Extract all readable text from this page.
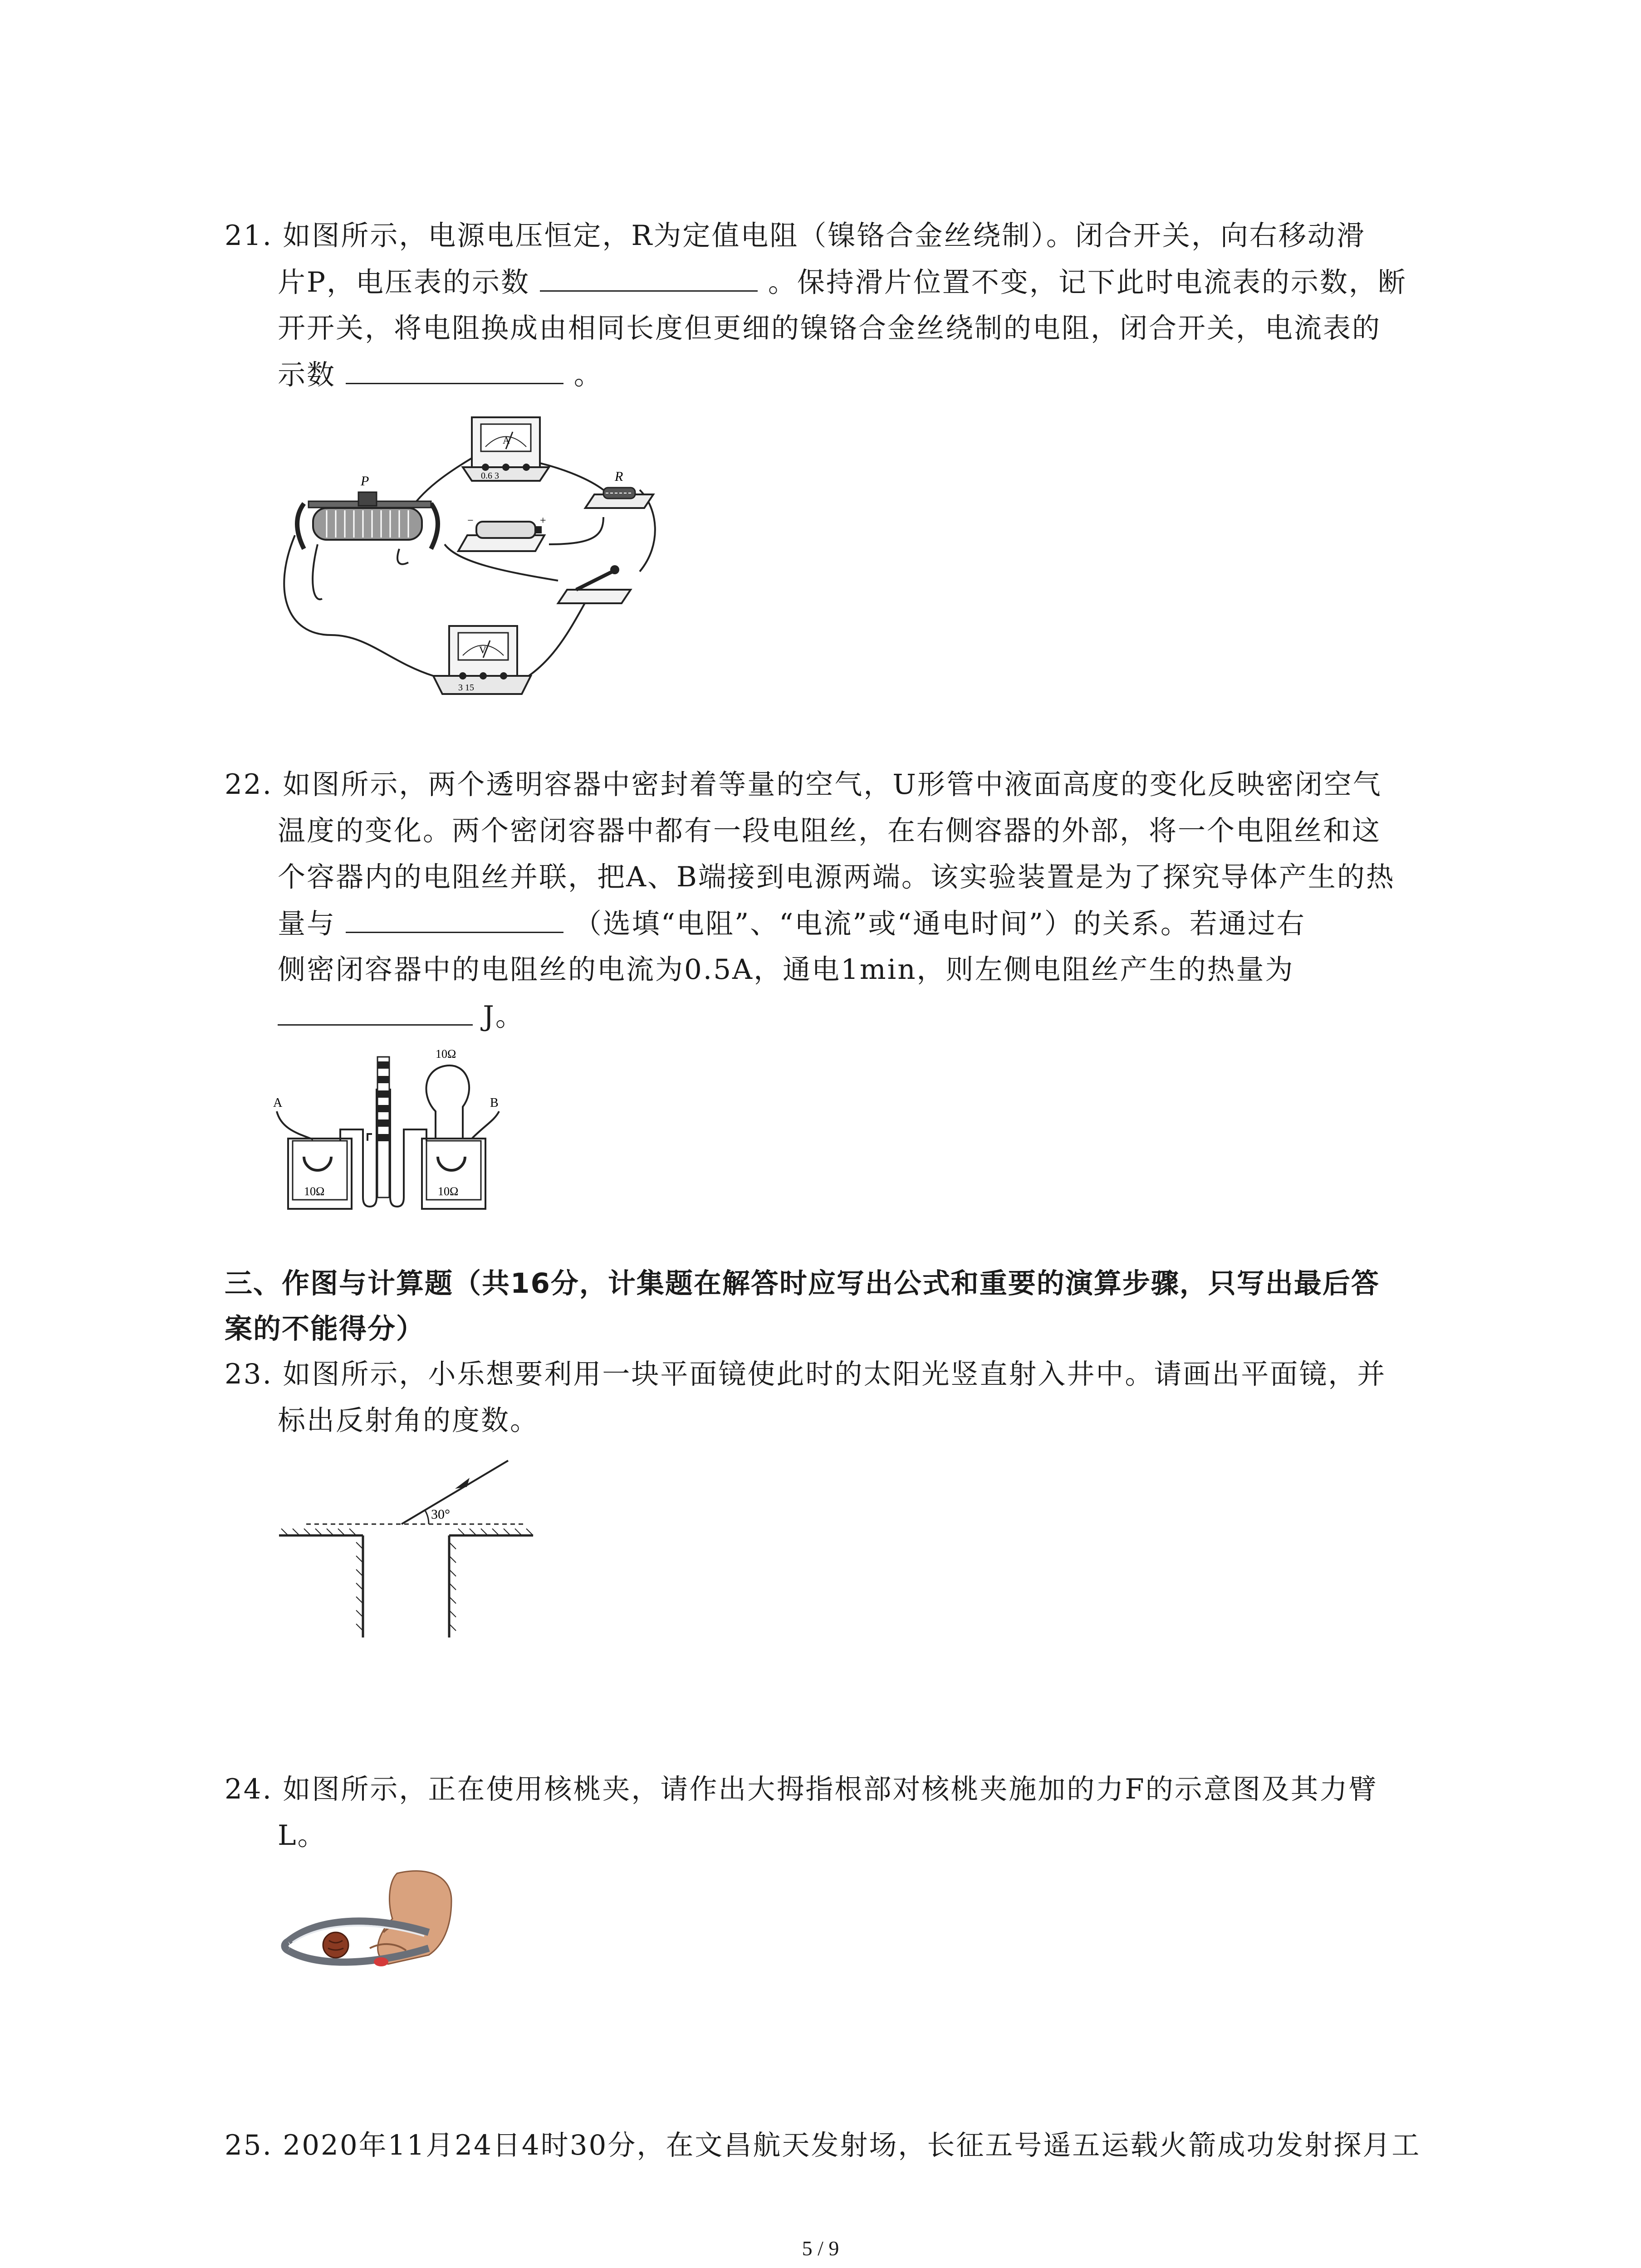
21. 如图所示，电源电压恒定，R为定值电阻（镍铬合金丝绕制）。闭合开关，向右移动滑
片P，电压表的示数	。保持滑片位置不变，记下此时电流表的示数，断
开开关，将电阻换成由相同长度但更细的镍铬合金丝绕制的电阻，闭合开关，电流表的
示数	。
A
0.6 3	R
−	+
P
V
3 15
22. 如图所示，两个透明容器中密封着等量的空气，U形管中液面高度的变化反映密闭空气
温度的变化。两个密闭容器中都有一段电阻丝，在右侧容器的外部，将一个电阻丝和这
个容器内的电阻丝并联，把A、B端接到电源两端。该实验装置是为了探究导体产生的热
量与	（选填“电阻”、“电流”或“通电时间”）的关系。若通过右
侧密闭容器中的电阻丝的电流为0.5A，通电1min，则左侧电阻丝产生的热量为
J。
A	B
10Ω	10Ω
10Ω
三、作图与计算题（共16分，计集题在解答时应写出公式和重要的演算步骤，只写出最后答
案的不能得分）
23. 如图所示，小乐想要利用一块平面镜使此时的太阳光竖直射入井中。请画出平面镜，并
标出反射角的度数。
30°
24. 如图所示，正在使用核桃夹，请作出大拇指根部对核桃夹施加的力F的示意图及其力臂
L。
25. 2020年11月24日4时30分，在文昌航天发射场，长征五号遥五运载火箭成功发射探月工
5 / 9
